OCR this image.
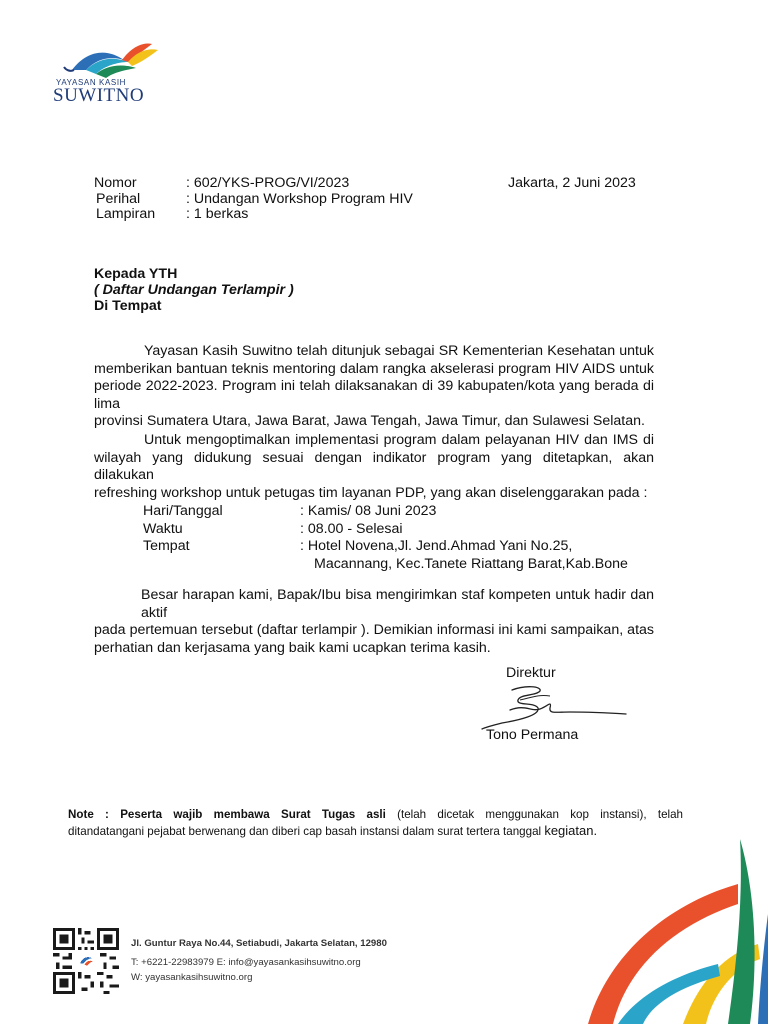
YAYASAN KASIH
SUWITNO
Nomor	: 602/YKS-PROG/VI/2023	Jakarta, 2 Juni 2023
Perihal	: Undangan Workshop Program HIV
Lampiran : 1 berkas
Kepada YTH
( Daftar Undangan Terlampir )
Di Tempat
Yayasan Kasih Suwitno telah ditunjuk sebagai SR Kementerian Kesehatan untuk
memberikan bantuan teknis mentoring dalam rangka akselerasi program HIV AIDS untuk
periode 2022-2023. Program ini telah dilaksanakan di 39 kabupaten/kota yang berada di lima
provinsi Sumatera Utara, Jawa Barat, Jawa Tengah, Jawa Timur, dan Sulawesi Selatan.
Untuk mengoptimalkan implementasi program dalam pelayanan HIV dan IMS di
wilayah yang didukung sesuai dengan indikator program yang ditetapkan, akan dilakukan
refreshing workshop untuk petugas tim layanan PDP, yang akan diselenggarakan pada :
Hari/Tanggal	: Kamis/ 08 Juni 2023
Waktu	: 08.00 - Selesai
Tempat	: Hotel Novena,Jl. Jend.Ahmad Yani No.25,
Macannang, Kec.Tanete Riattang Barat,Kab.Bone
Besar harapan kami, Bapak/Ibu bisa mengirimkan staf kompeten untuk hadir dan aktif
pada pertemuan tersebut (daftar terlampir ). Demikian informasi ini kami sampaikan, atas
perhatian dan kerjasama yang baik kami ucapkan terima kasih.
Direktur
Tono Permana
Note : Peserta wajib membawa Surat Tugas asli (telah dicetak menggunakan kop instansi), telah
ditandatangani pejabat berwenang dan diberi cap basah instansi dalam surat tertera tanggal kegiatan.
Jl. Guntur Raya No.44, Setiabudi, Jakarta Selatan, 12980
T: +6221-22983979 E: info@yayasankasihsuwitno.org
W: yayasankasihsuwitno.org
